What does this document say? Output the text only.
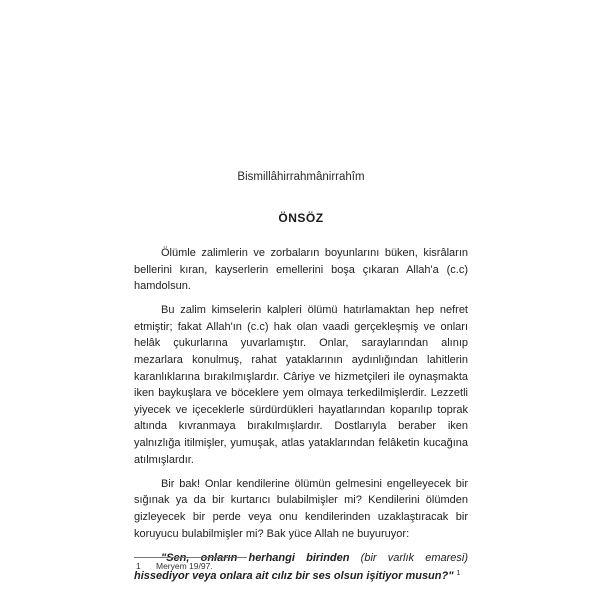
Bismillâhirrahmânirrahîm
ÖNSÖZ

Ölümle zalimlerin ve zorbaların boyunlarını büken, kisrâların bellerini kıran, kayserlerin emellerini boşa çıkaran Allah'a (c.c) hamdolsun.

Bu zalim kimselerin kalpleri ölümü hatırlamaktan hep nefret etmiştir; fakat Allah'ın (c.c) hak olan vaadi gerçekleşmiş ve onları helâk çukurlarına yuvarlamıştır. Onlar, saraylarından alınıp mezarlara konulmuş, rahat yataklarının aydınlığından lahitlerin karanlıklarına bırakılmışlardır. Câriye ve hizmetçileri ile oynaşmakta iken baykuşlara ve böceklere yem olmaya terkedilmişlerdir. Lezzetli yiyecek ve içeceklerle sürdürdükleri hayatlarından koparılıp toprak altında kıvranmaya bırakılmışlardır. Dostlarıyla beraber iken yalnızlığa itilmişler, yumuşak, atlas yataklarından felâketin kucağına atılmışlardır.

Bir bak! Onlar kendilerine ölümün gelmesini engelleyecek bir sığınak ya da bir kurtarıcı bulabilmişler mi? Kendilerini ölümden gizleyecek bir perde veya onu kendilerinden uzaklaştıracak bir koruyucu bulabilmişler mi? Bak yüce Allah ne buyuruyor:

"Sen, onların herhangi birinden (bir varlık emaresi) hissediyor veya onlara ait cılız bir ses olsun işitiyor musun?" $^1$

1 Meryem 19/97.
